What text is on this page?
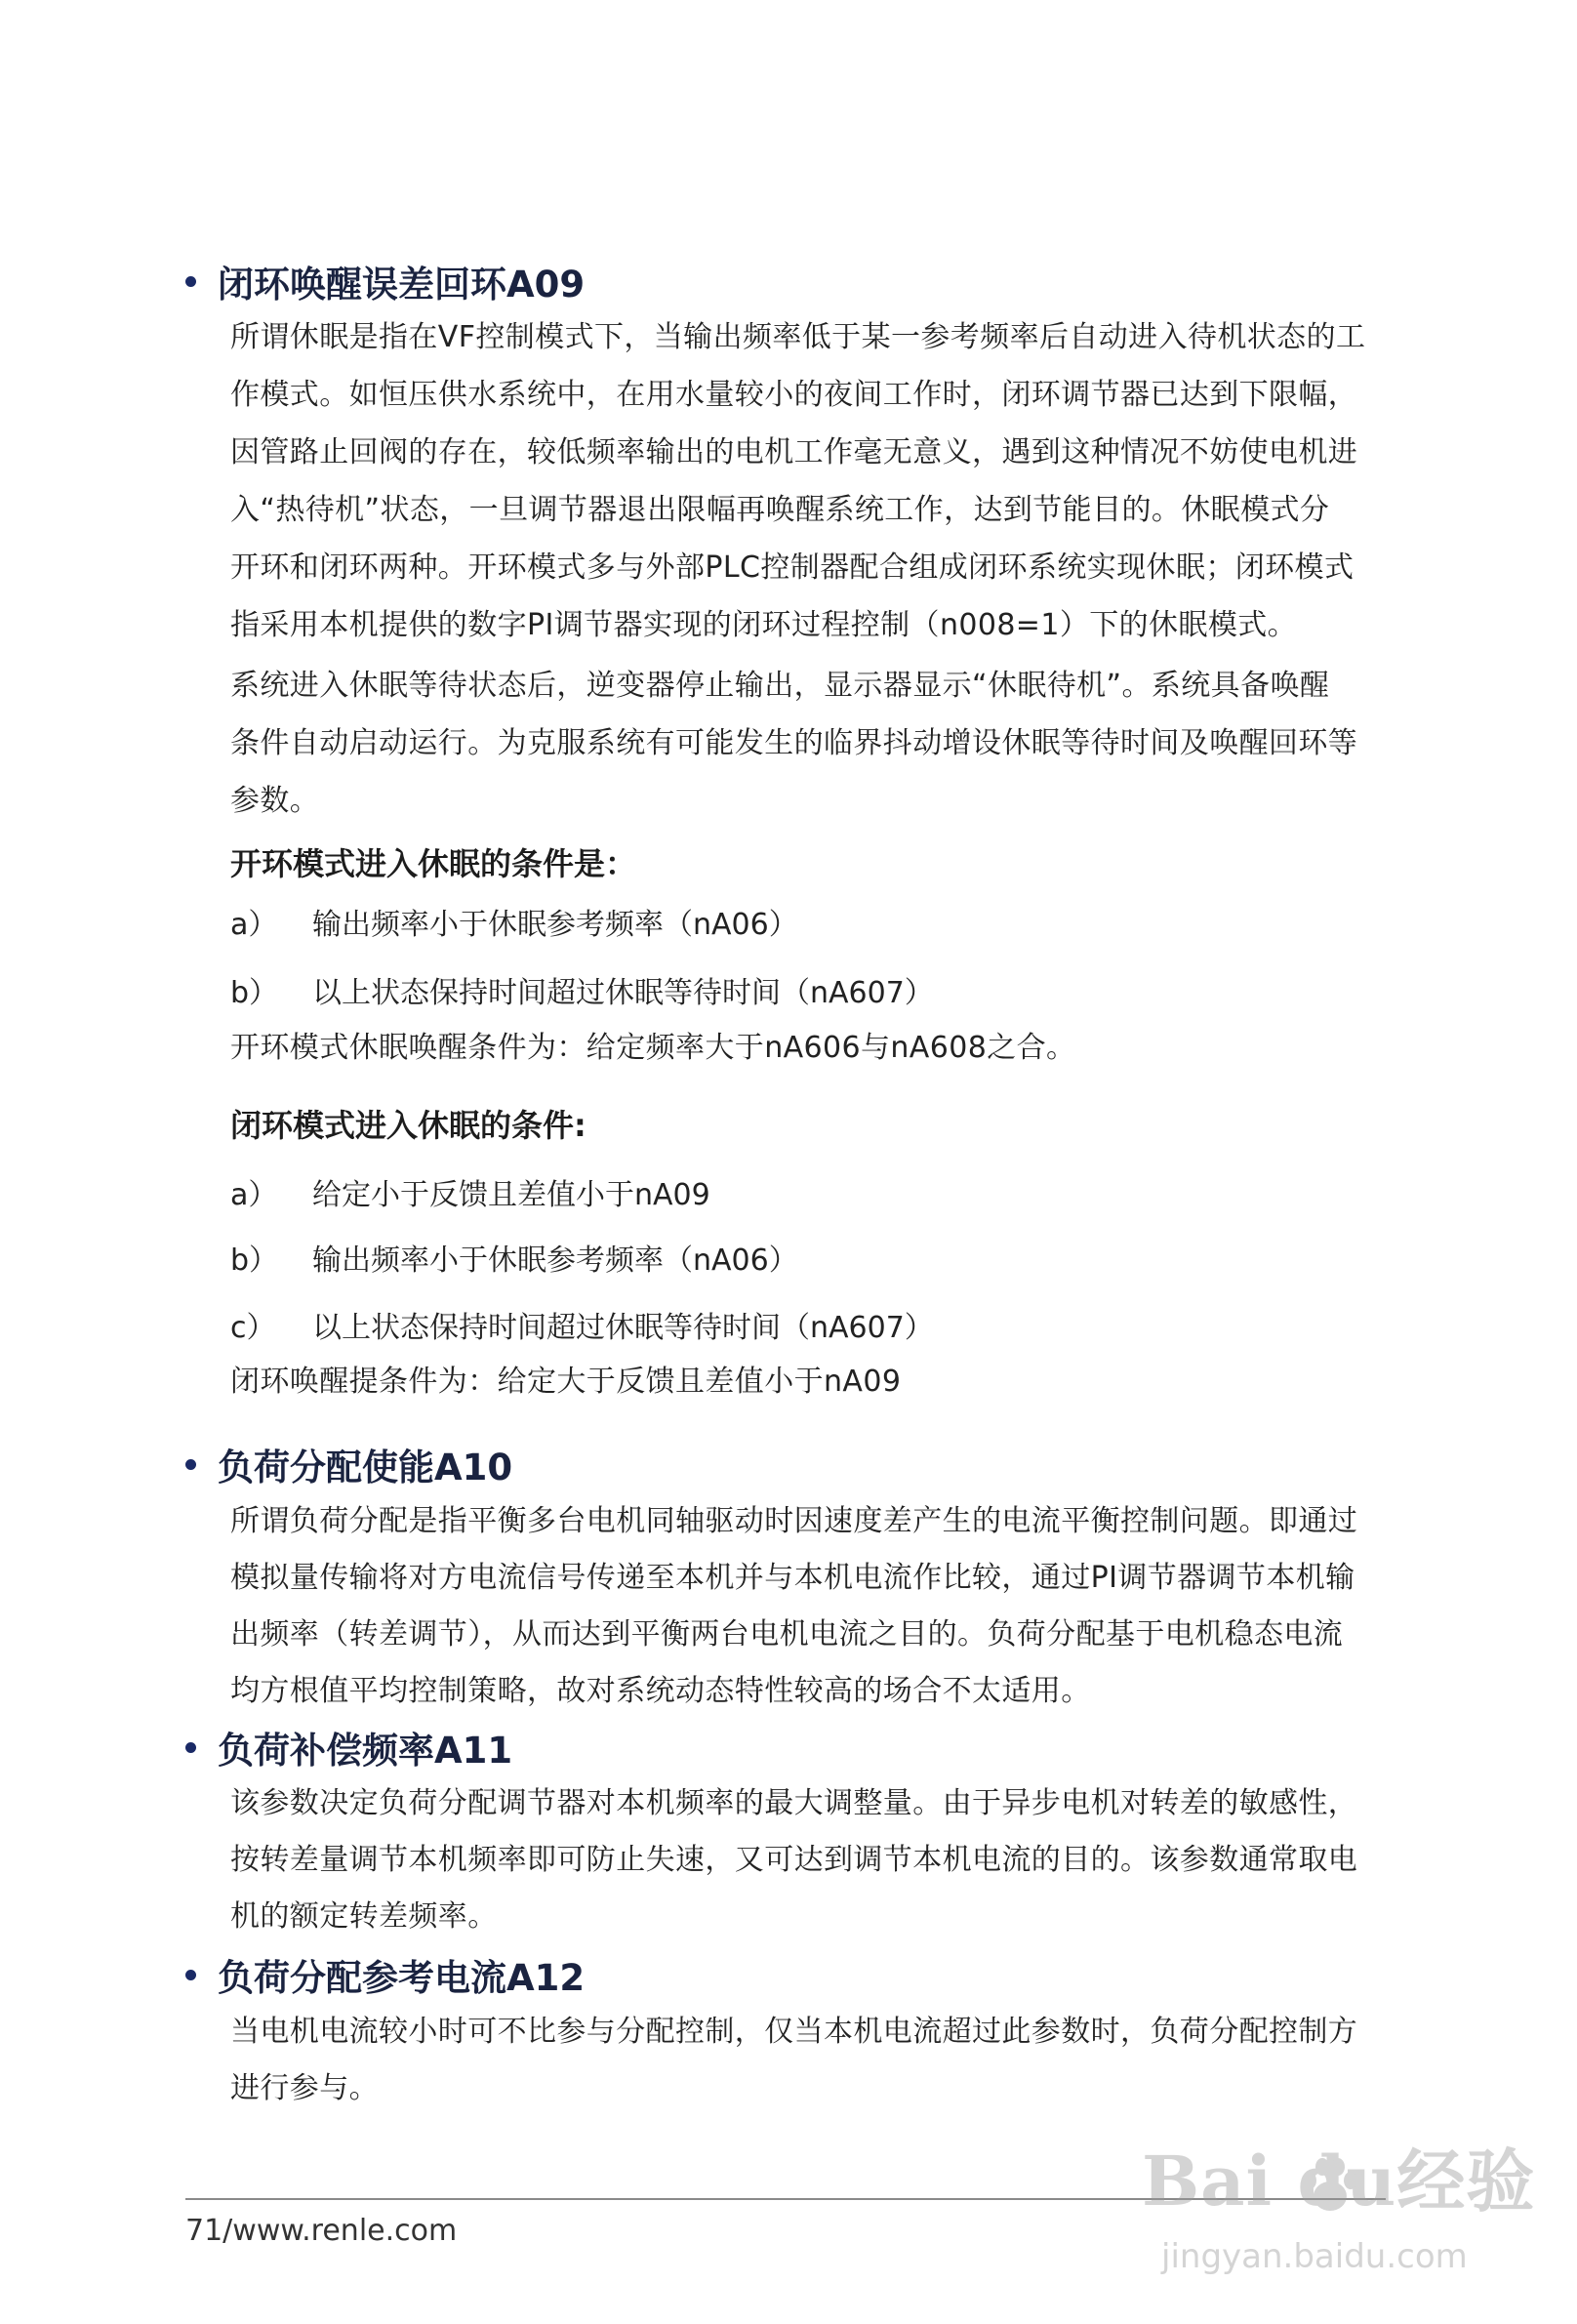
闭环唤醒误差回环A09
所谓休眠是指在VF控制模式下，当输出频率低于某一参考频率后自动进入待机状态的工
作模式。如恒压供水系统中，在用水量较小的夜间工作时，闭环调节器已达到下限幅，
因管路止回阀的存在，较低频率输出的电机工作毫无意义，遇到这种情况不妨使电机进
入“热待机”状态，一旦调节器退出限幅再唤醒系统工作，达到节能目的。休眠模式分
开环和闭环两种。开环模式多与外部PLC控制器配合组成闭环系统实现休眠；闭环模式
指采用本机提供的数字PI调节器实现的闭环过程控制（n008=1）下的休眠模式。
系统进入休眠等待状态后，逆变器停止输出，显示器显示“休眠待机”。系统具备唤醒
条件自动启动运行。为克服系统有可能发生的临界抖动增设休眠等待时间及唤醒回环等
参数。
开环模式进入休眠的条件是：
a） 输出频率小于休眠参考频率（nA06）
b） 以上状态保持时间超过休眠等待时间（nA607）
开环模式休眠唤醒条件为：给定频率大于nA606与nA608之合。
闭环模式进入休眠的条件:
a） 给定小于反馈且差值小于nA09
b） 输出频率小于休眠参考频率（nA06）
c） 以上状态保持时间超过休眠等待时间（nA607）
闭环唤醒提条件为：给定大于反馈且差值小于nA09
负荷分配使能A10
所谓负荷分配是指平衡多台电机同轴驱动时因速度差产生的电流平衡控制问题。即通过
模拟量传输将对方电流信号传递至本机并与本机电流作比较，通过PI调节器调节本机输
出频率（转差调节），从而达到平衡两台电机电流之目的。负荷分配基于电机稳态电流
均方根值平均控制策略，故对系统动态特性较高的场合不太适用。
负荷补偿频率A11
该参数决定负荷分配调节器对本机频率的最大调整量。由于异步电机对转差的敏感性，
按转差量调节本机频率即可防止失速，又可达到调节本机电流的目的。该参数通常取电
机的额定转差频率。
负荷分配参考电流A12
当电机电流较小时可不比参与分配控制，仅当本机电流超过此参数时，负荷分配控制方
进行参与。
71/www.renle.com
Bai du经验
jingyan.baidu.com
